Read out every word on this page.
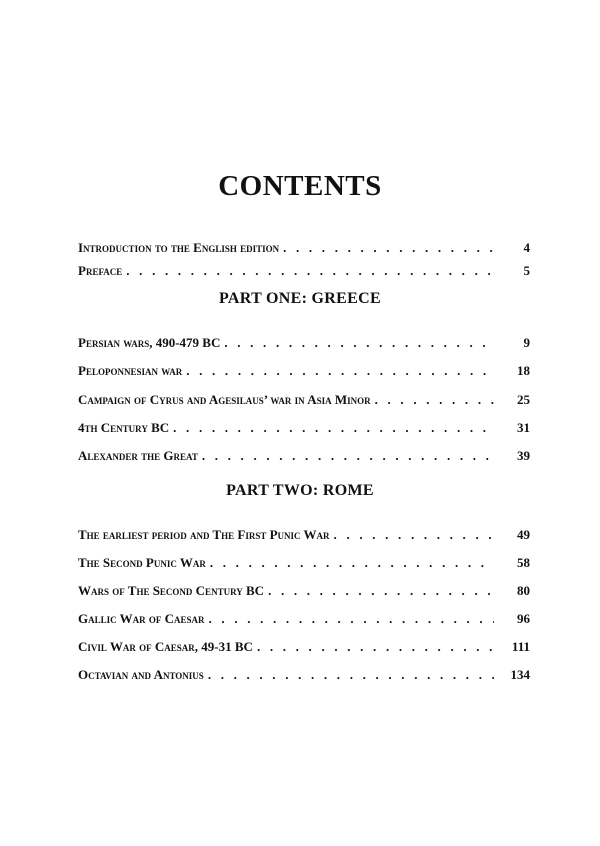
CONTENTS
Introduction to the English edition . . .	4
Preface . . .	5
PART ONE: GREECE
Persian wars, 490-479 BC . . .	9
Peloponnesian war . . .	18
Campaign of Cyrus and Agesilaus’ war in Asia Minor . . .	25
4th Century BC . . .	31
Alexander the Great . . .	39
PART TWO: ROME
The earliest period and The First Punic War . . .	49
The Second Punic War . . .	58
Wars of The Second Century BC . . .	80
Gallic War of Caesar . . .	96
Civil War of Caesar, 49-31 BC . . .	111
Octavian and Antonius . . .	134
